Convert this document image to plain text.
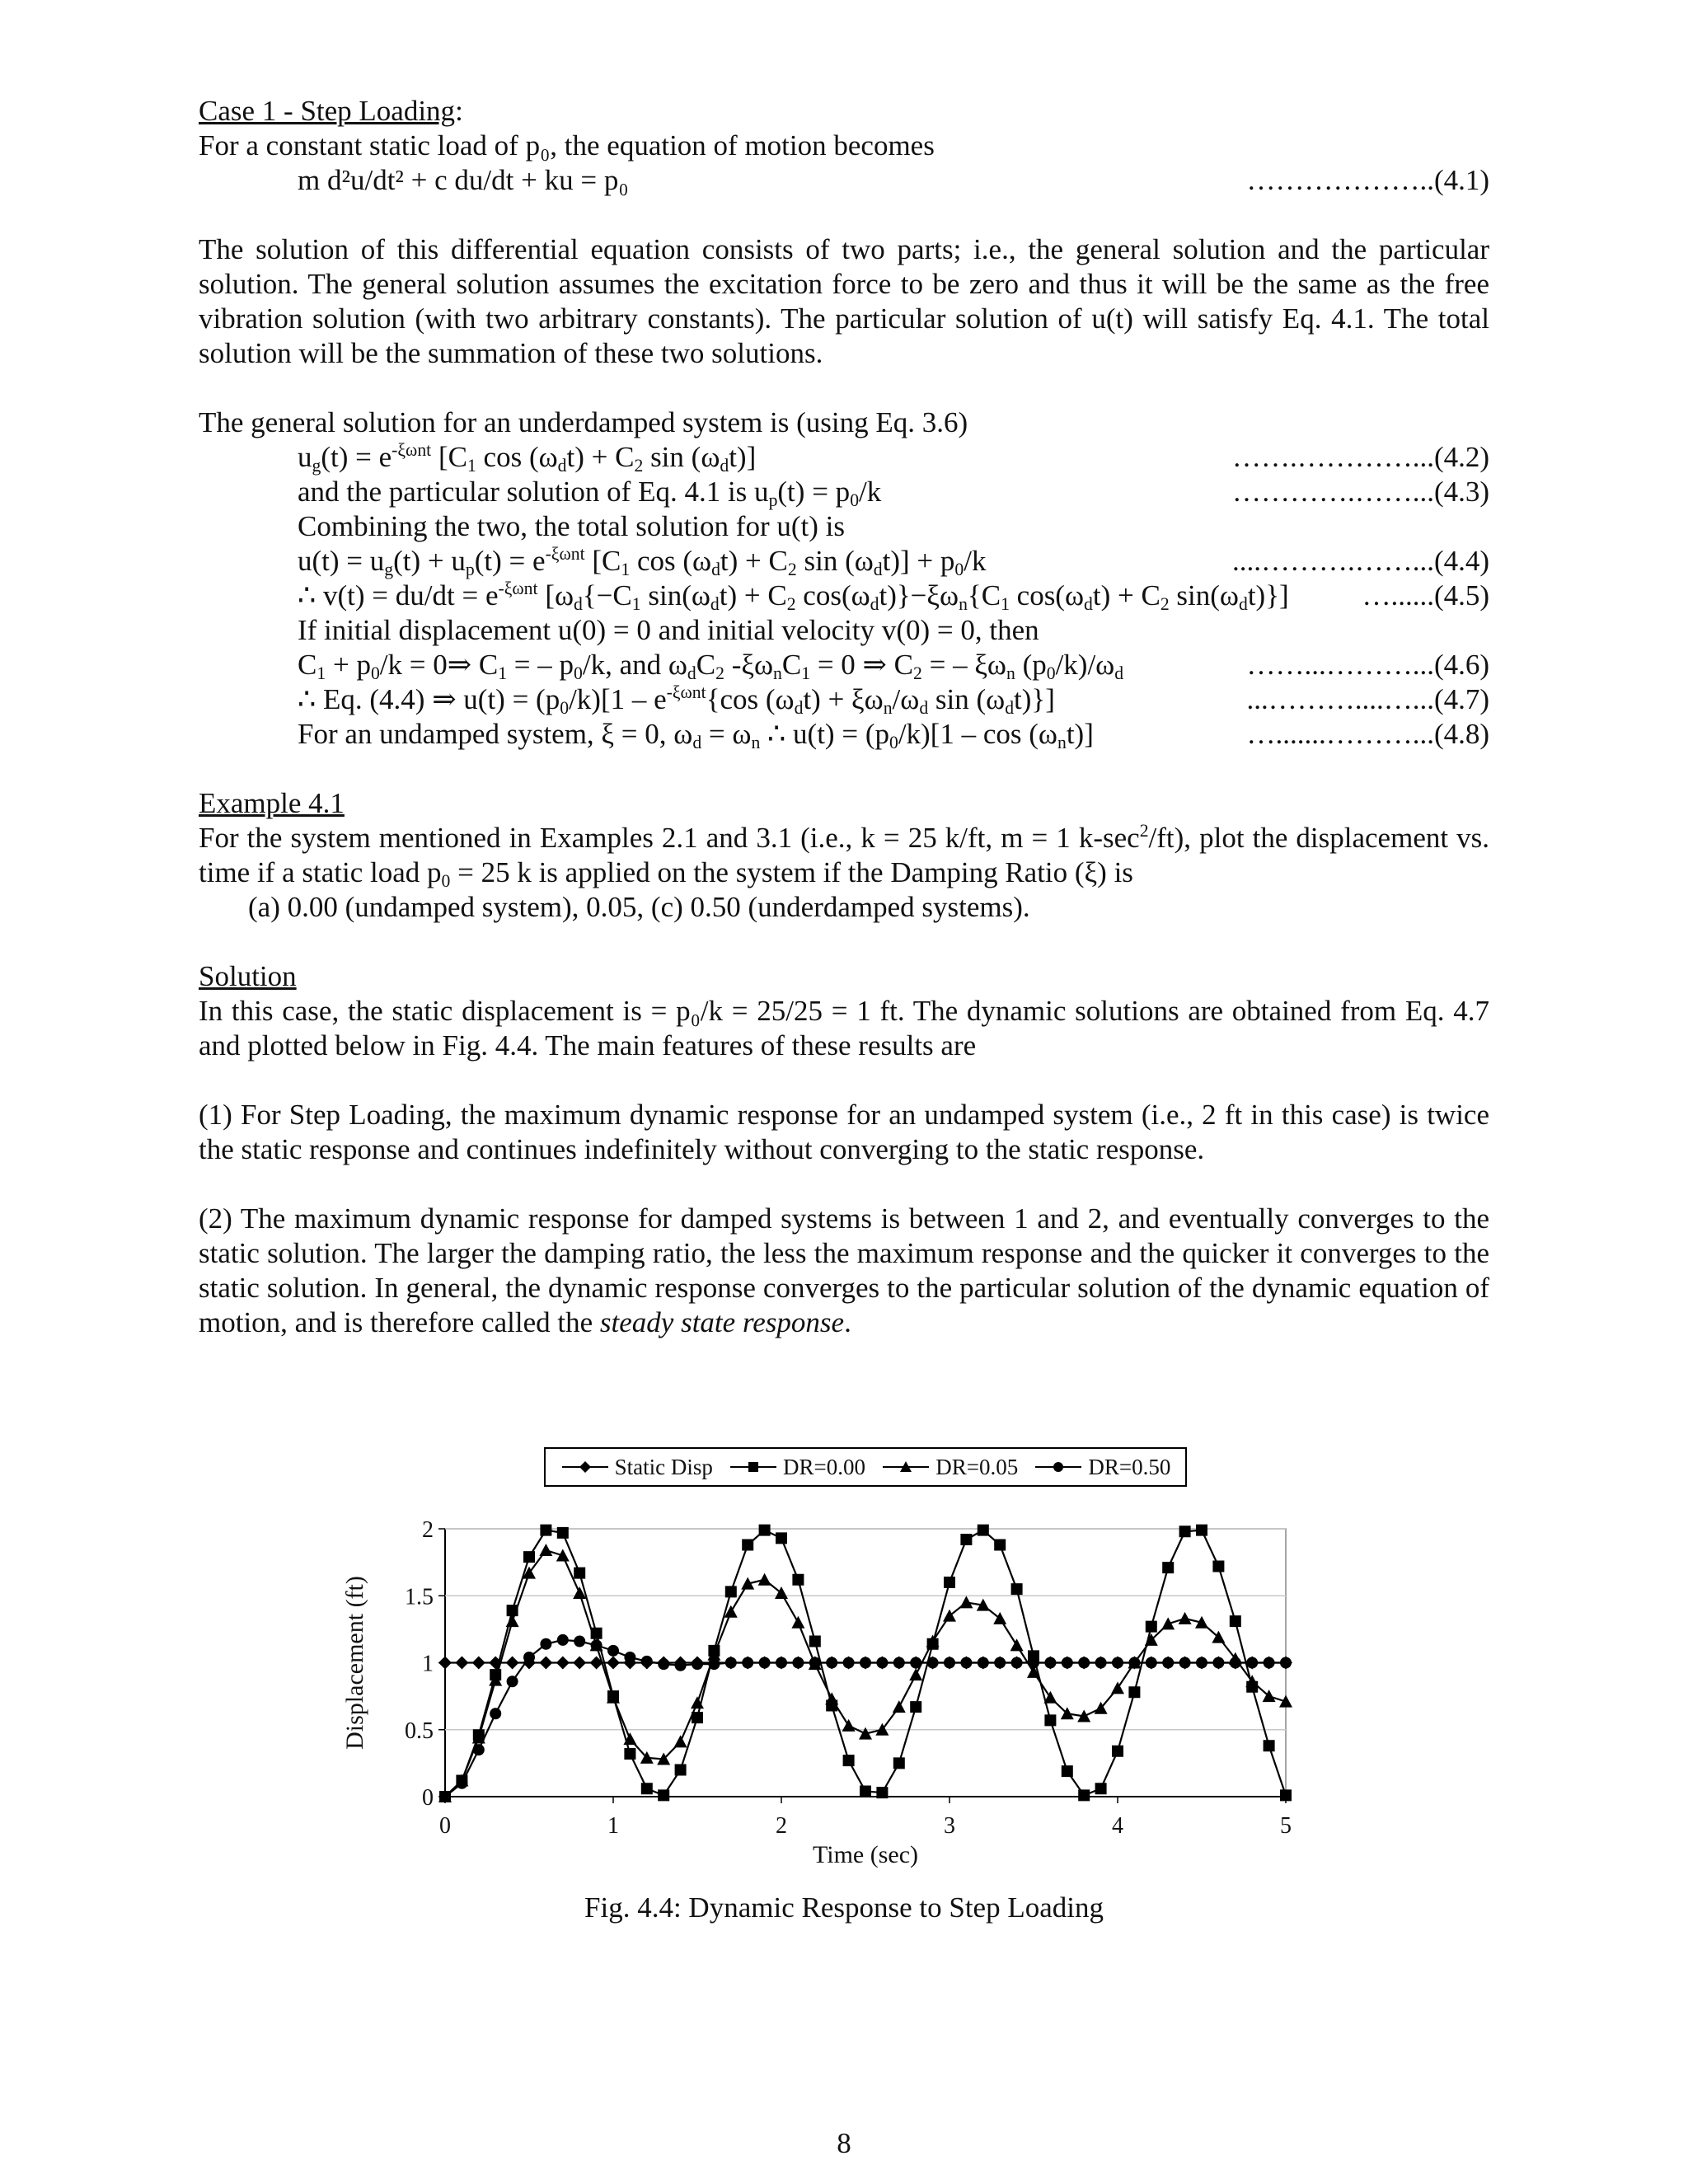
Case 1 - Step Loading:
For a constant static load of p₀, the equation of motion becomes
m d²u/dt² + c du/dt + ku = p₀	………………..(4.1)

The solution of this differential equation consists of two parts; i.e., the general solution and the particular solution. The general solution assumes the excitation force to be zero and thus it will be the same as the free vibration solution (with two arbitrary constants). The particular solution of u(t) will satisfy Eq. 4.1. The total solution will be the summation of these two solutions.

The general solution for an underdamped system is (using Eq. 3.6)
$u_g(t) = e^{-\xi\omega nt}$ [$C_1$ $\cos (\omega_dt) + C_2$ $\sin (\omega_dt)$]	…….…………...(4.2)
and the particular solution of Eq. 4.1 is $u_p(t) = p_0/k$	………….……...(4.3)
Combining the two, the total solution for u(t) is
$u(t) = u_g(t) + u_p(t) = e^{-\xi\omega nt}$ [$C_1$ $\cos (\omega_dt) + C_2$ $\sin (\omega_dt)] + p_0/k$	....……….……...(4.4)
∴ $v(t) = du/dt = e^{-\xi\omega nt}$ [$\omega_d\{-C_1$ $\sin(\omega_dt) + C_2$ $\cos(\omega_dt)\}-\xi\omega_n\{C_1$ $\cos(\omega_dt) + C_2$ $\sin(\omega_dt)$}]	…......(4.5)
If initial displacement u(0) = 0 and initial velocity v(0) = 0, then
$C_1 + p_0/k$ = 0⇒ $C_1$ = – $p_0/k$, and $\omega_dC_2$ $-\xi\omega_nC_1 = 0$ ⇒ $C_2$ = – $\xi\omega_n$ $(p_0/k)/\omega_d$	……...………...(4.6)
∴ Eq. (4.4) ⇒ $u(t) = (p_0/k)[1 - e^{-\xi\omega nt}\{\cos$ $(\omega_dt) + \xi\omega_n/\omega_d$ $\sin (\omega_dt)$}]	...………....…...(4.7)
For an undamped system, ξ = 0, $\omega_d = \omega_n$ ∴ $u(t) = (p_0/k)[1 - \cos (\omega_nt)]$	….......………...(4.8)
Example 4.1

For the system mentioned in Examples 2.1 and 3.1 (i.e., k = 25 k/ft, m = 1 $k-\sec^2/ft$), plot the displacement vs. time if a static load $p_0 = 25$ k is applied on the system if the Damping Ratio (ξ) is

(a) 0.00 (undamped system), 0.05, (c) 0.50 (underdamped systems).
Solution

In this case, the static displacement is = p₀/k = 25/25 = 1 ft. The dynamic solutions are obtained from Eq. 4.7 and plotted below in Fig. 4.4. The main features of these results are

(1) For Step Loading, the maximum dynamic response for an undamped system (i.e., 2 ft in this case) is twice the static response and continues indefinitely without converging to the static response.

(2) The maximum dynamic response for damped systems is between 1 and 2, and eventually converges to the static solution. The larger the damping ratio, the less the maximum response and the quicker it converges to the static solution. In general, the dynamic response converges to the particular solution of the dynamic equation of motion, and is therefore called the steady state response.

Static Disp	DR=0.00	DR=0.05	DR=0.50
0
0.5
1
1.5
2
0	1	2	3	4	5
Time (sec)
Displacement (ft)
Fig. 4.4: Dynamic Response to Step Loading
8
